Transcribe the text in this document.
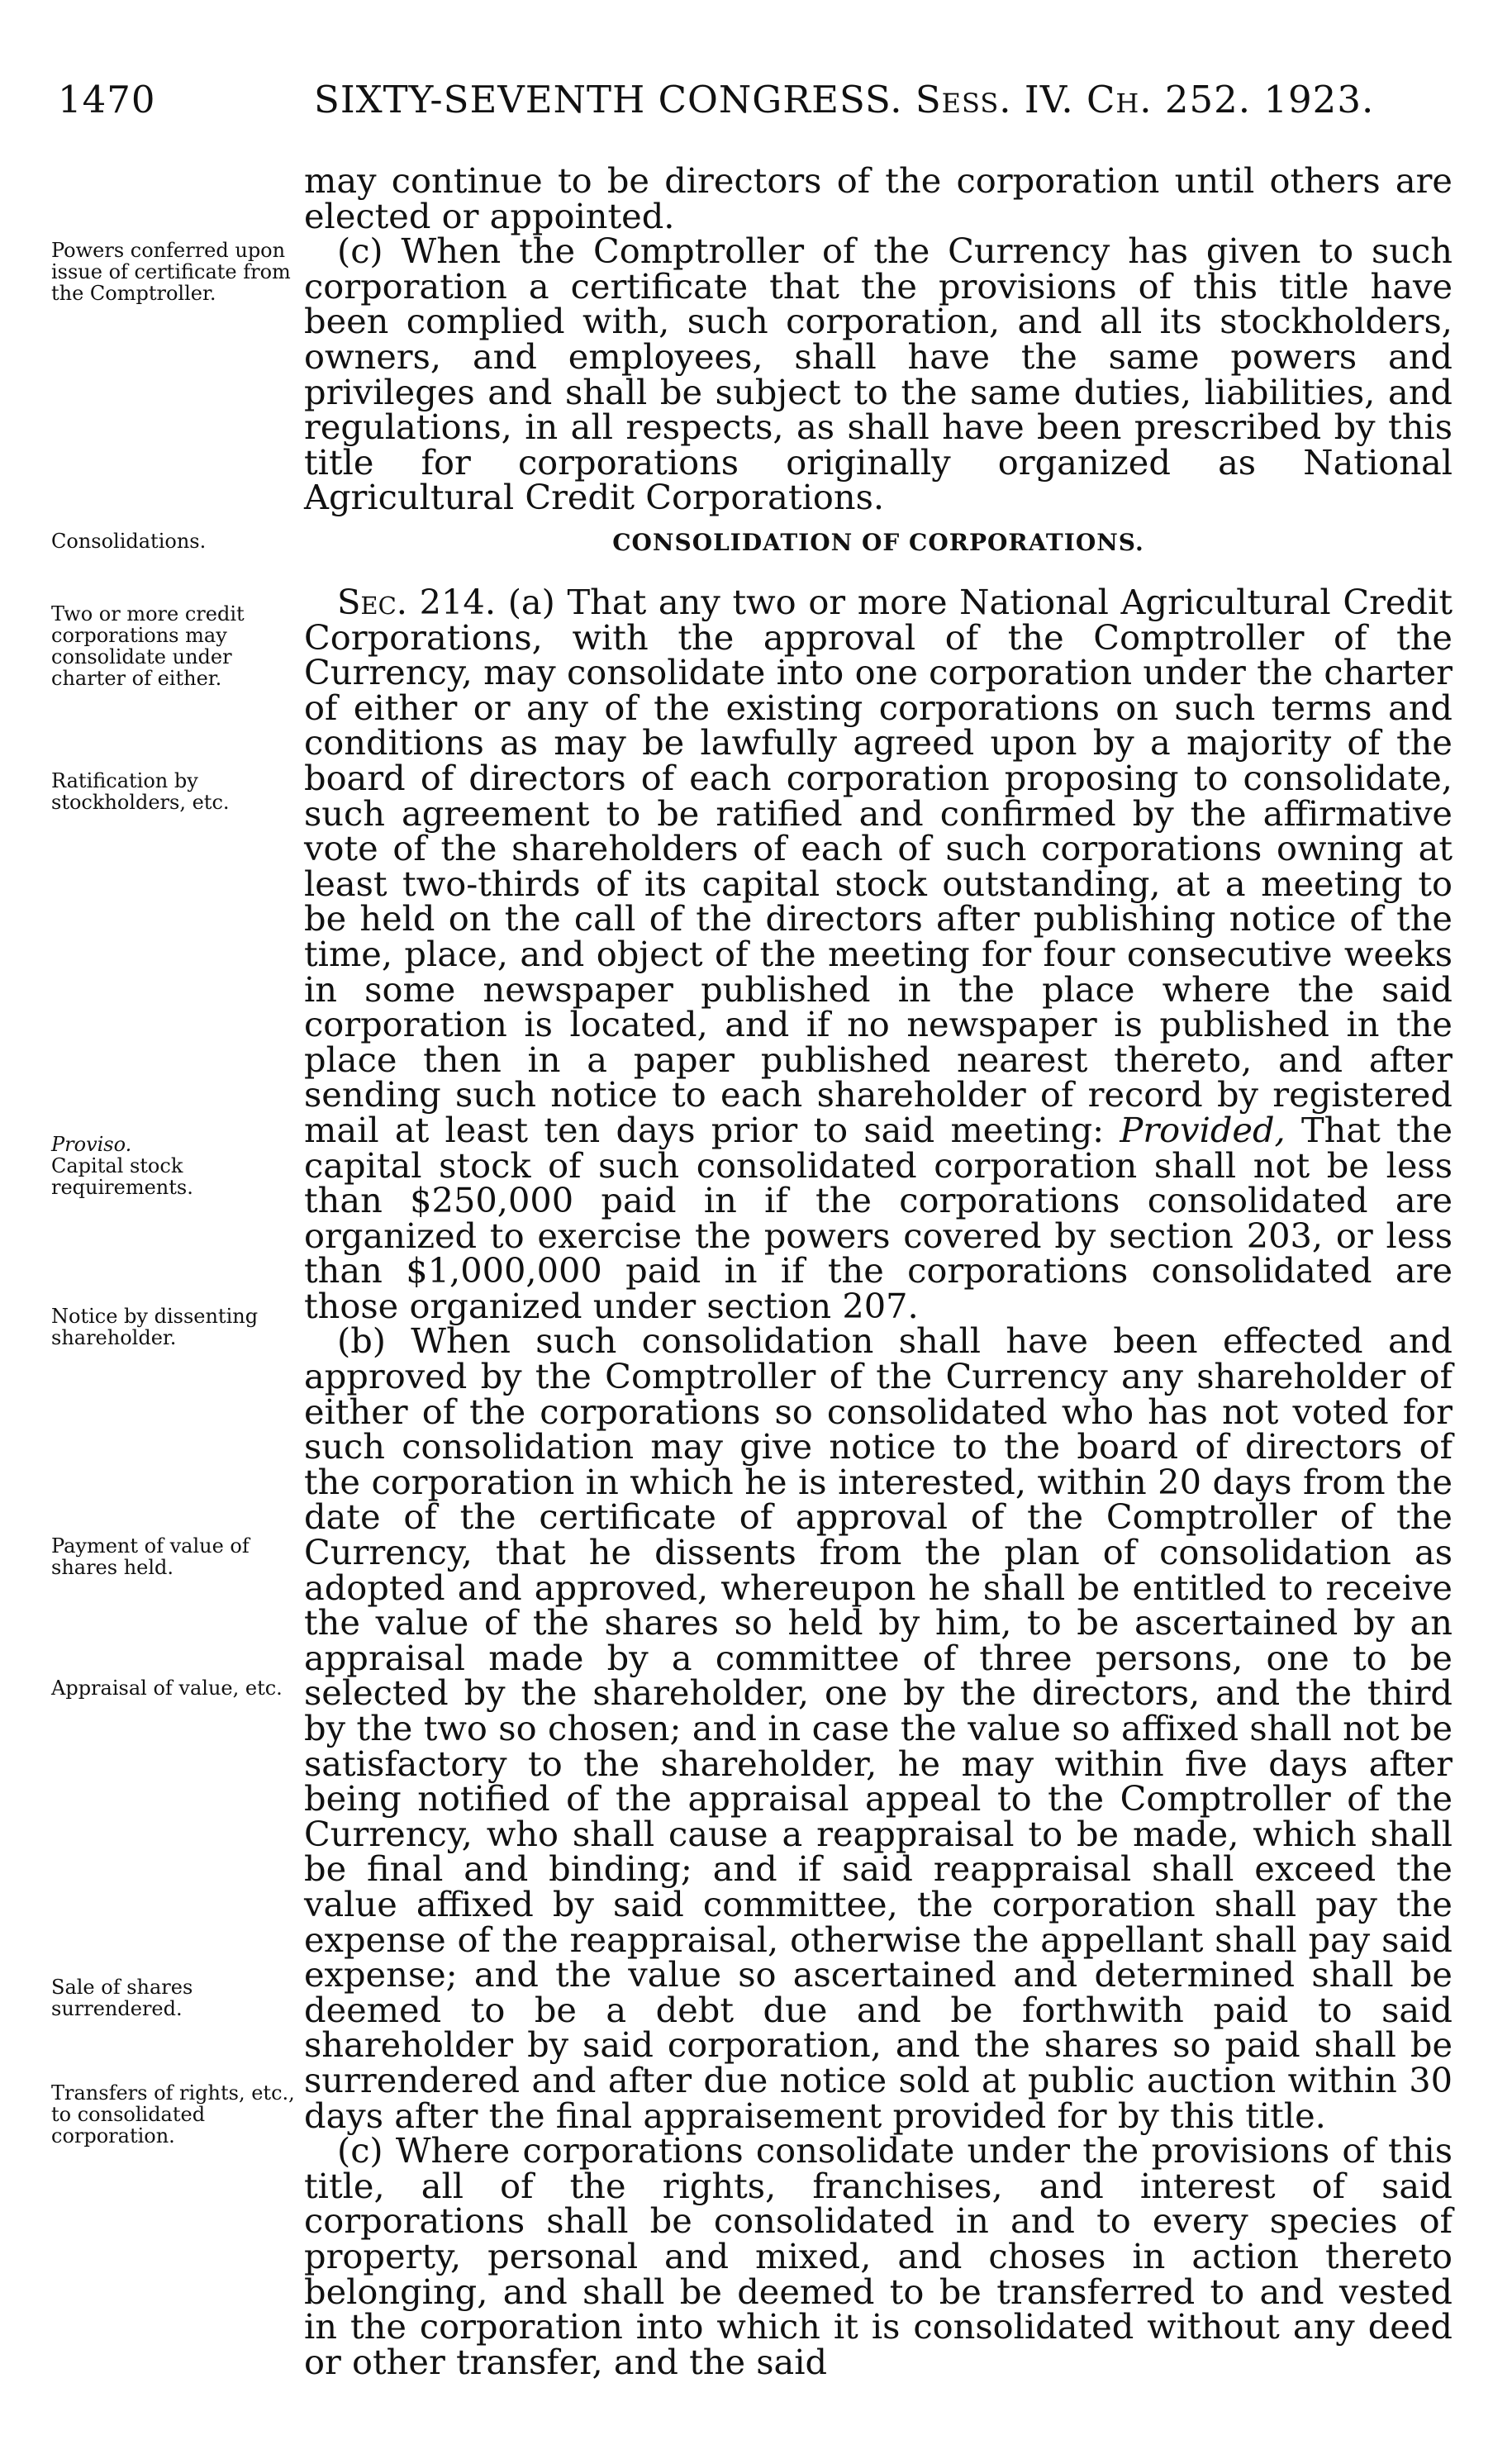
1470	SIXTY-SEVENTH CONGRESS. Sess. IV. Ch. 252. 1923.

may continue to be directors of the corporation until others are elected or appointed.

(c) When the Comptroller of the Currency has given to such corporation a certificate that the provisions of this title have been complied with, such corporation, and all its stockholders, owners, and employees, shall have the same powers and privileges and shall be subject to the same duties, liabilities, and regulations, in all respects, as shall have been prescribed by this title for corporations originally organized as National Agricultural Credit Corporations.

CONSOLIDATION OF CORPORATIONS.

Sec. 214. (a) That any two or more National Agricultural Credit Corporations, with the approval of the Comptroller of the Currency, may consolidate into one corporation under the charter of either or any of the existing corporations on such terms and conditions as may be lawfully agreed upon by a majority of the board of directors of each corporation proposing to consolidate, such agreement to be ratified and confirmed by the affirmative vote of the shareholders of each of such corporations owning at least two-thirds of its capital stock outstanding, at a meeting to be held on the call of the directors after publishing notice of the time, place, and object of the meeting for four consecutive weeks in some newspaper published in the place where the said corporation is located, and if no newspaper is published in the place then in a paper published nearest thereto, and after sending such notice to each shareholder of record by registered mail at least ten days prior to said meeting: Provided, That the capital stock of such consolidated corporation shall not be less than $250,000 paid in if the corporations consolidated are organized to exercise the powers covered by section 203, or less than $1,000,000 paid in if the corporations consolidated are those organized under section 207.

(b) When such consolidation shall have been effected and approved by the Comptroller of the Currency any shareholder of either of the corporations so consolidated who has not voted for such consolidation may give notice to the board of directors of the corporation in which he is interested, within 20 days from the date of the certificate of approval of the Comptroller of the Currency, that he dissents from the plan of consolidation as adopted and approved, whereupon he shall be entitled to receive the value of the shares so held by him, to be ascertained by an appraisal made by a committee of three persons, one to be selected by the shareholder, one by the directors, and the third by the two so chosen; and in case the value so affixed shall not be satisfactory to the shareholder, he may within five days after being notified of the appraisal appeal to the Comptroller of the Currency, who shall cause a reappraisal to be made, which shall be final and binding; and if said reappraisal shall exceed the value affixed by said committee, the corporation shall pay the expense of the reappraisal, otherwise the appellant shall pay said expense; and the value so ascertained and determined shall be deemed to be a debt due and be forthwith paid to said shareholder by said corporation, and the shares so paid shall be surrendered and after due notice sold at public auction within 30 days after the final appraisement provided for by this title.

(c) Where corporations consolidate under the provisions of this title, all of the rights, franchises, and interest of said corporations shall be consolidated in and to every species of property, personal and mixed, and choses in action thereto belonging, and shall be deemed to be transferred to and vested in the corporation into which it is consolidated without any deed or other transfer, and the said

Powers conferred upon issue of certificate from the Comptroller.
Consolidations.
Two or more credit corporations may consolidate under charter of either.
Ratification by stockholders, etc.
Proviso.
Capital stock requirements.
Notice by dissenting shareholder.
Payment of value of shares held.
Appraisal of value, etc.
Sale of shares surrendered.
Transfers of rights, etc., to consolidated corporation.
